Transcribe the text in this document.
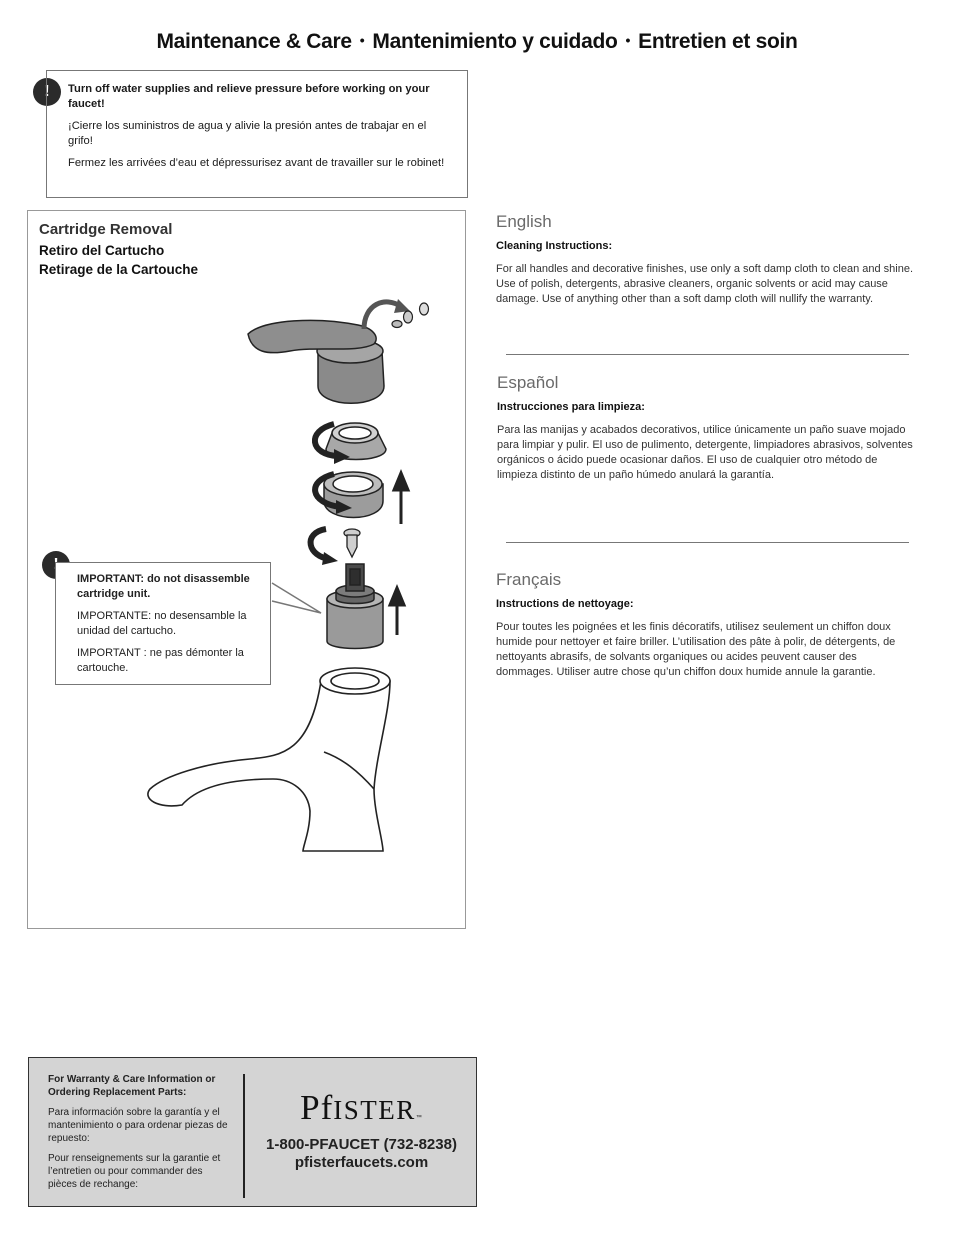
Maintenance & Care • Mantenimiento y cuidado • Entretien et soin
!	Turn off water supplies and relieve pressure before working on your faucet!

¡Cierre los suministros de agua y alivie la presión antes de trabajar en el grifo!

Fermez les arrivées d’eau et dépressurisez avant de travailler sur le robinet!

Cartridge Removal
Retiro del Cartucho
Retirage de la Cartouche

IMPORTANT: do not disassemble cartridge unit.

IMPORTANTE: no desensamble la unidad del cartucho.

IMPORTANT : ne pas démonter la cartouche.

English
Cleaning Instructions:
For all handles and decorative finishes, use only a soft damp cloth to clean and shine. Use of polish, detergents, abrasive cleaners, organic solvents or acid may cause damage. Use of anything other than a soft damp cloth will nullify the warranty.
Español
Instrucciones para limpieza:
Para las manijas y acabados decorativos, utilice únicamente un paño suave mojado para limpiar y pulir. El uso de pulimento, detergente, limpiadores abrasivos, solventes orgánicos o ácido puede ocasionar daños. El uso de cualquier otro método de limpieza distinto de un paño húmedo anulará la garantía.
Français
Instructions de nettoyage:
Pour toutes les poignées et les finis décoratifs, utilisez seulement un chiffon doux humide pour nettoyer et faire briller. L’utilisation des pâte à polir, de détergents, de nettoyants abrasifs, de solvants organiques ou acides peuvent causer des dommages. Utiliser autre chose qu’un chiffon doux humide annule la garantie.

For Warranty & Care Information or Ordering Replacement Parts:

Para información sobre la garantía y el mantenimiento o para ordenar piezas de repuesto:

Pour renseignements sur la garantie et l’entretien ou pour commander des pièces de rechange:

PfISTER™
1-800-PFAUCET (732-8238)
pfisterfaucets.com
